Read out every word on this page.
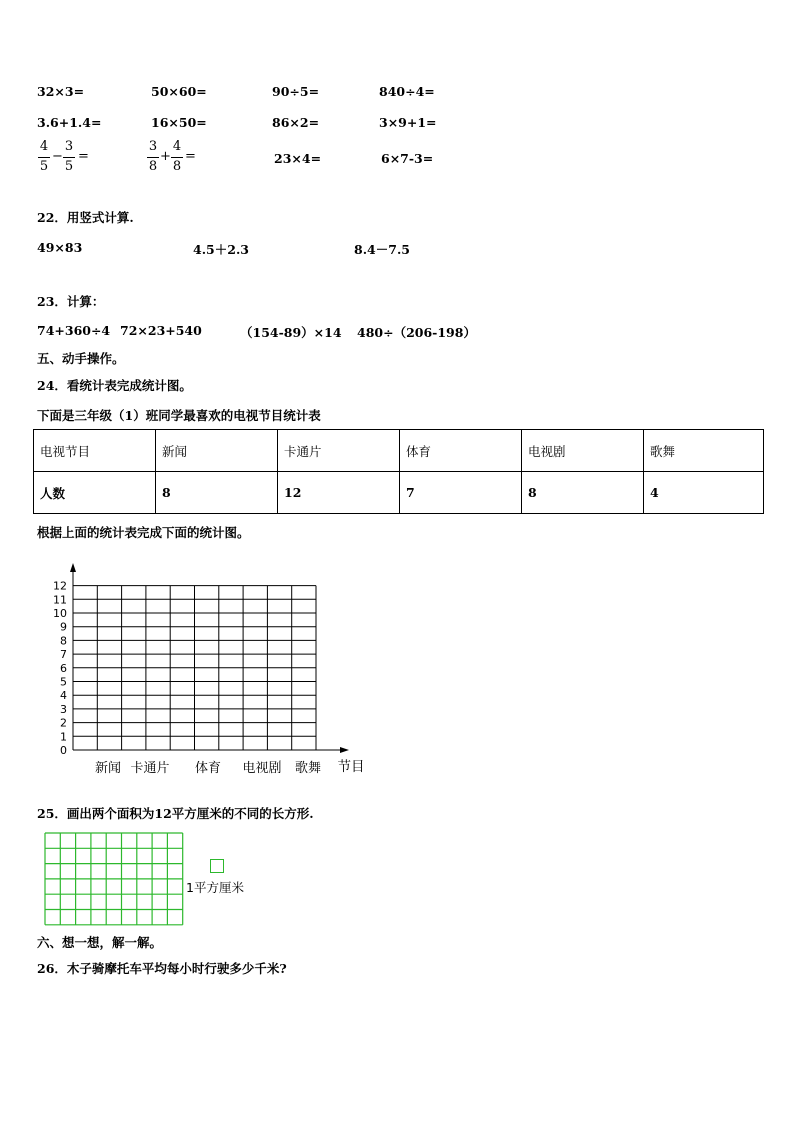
32×3=	50×60=	90÷5=	840÷4=
3.6+1.4=	16×50=	86×2=	3×9+1=
4
5
−
3
5
=
3
8
+
4
8
=	23×4=	6×7-3=
22．用竖式计算.
49×83	4.5＋2.3	8.4－7.5
23．计算：
74+360÷4 72×23+540	（154-89）×14 480÷（206-198）
五、动手操作。
24．看统计表完成统计图。
下面是三年级（1）班同学最喜欢的电视节目统计表
电视节目	新闻	卡通片	体育	电视剧	歌舞
人数	8	12	7	8	4
根据上面的统计表完成下面的统计图。
0
1
2
3
4
5
6
7
8
9
10
11
12
新闻 卡通片 体育 电视剧 歌舞 节目
25．画出两个面积为12平方厘米的不同的长方形.
1平方厘米
六、想一想，解一解。
26．木子骑摩托车平均每小时行驶多少千米?
